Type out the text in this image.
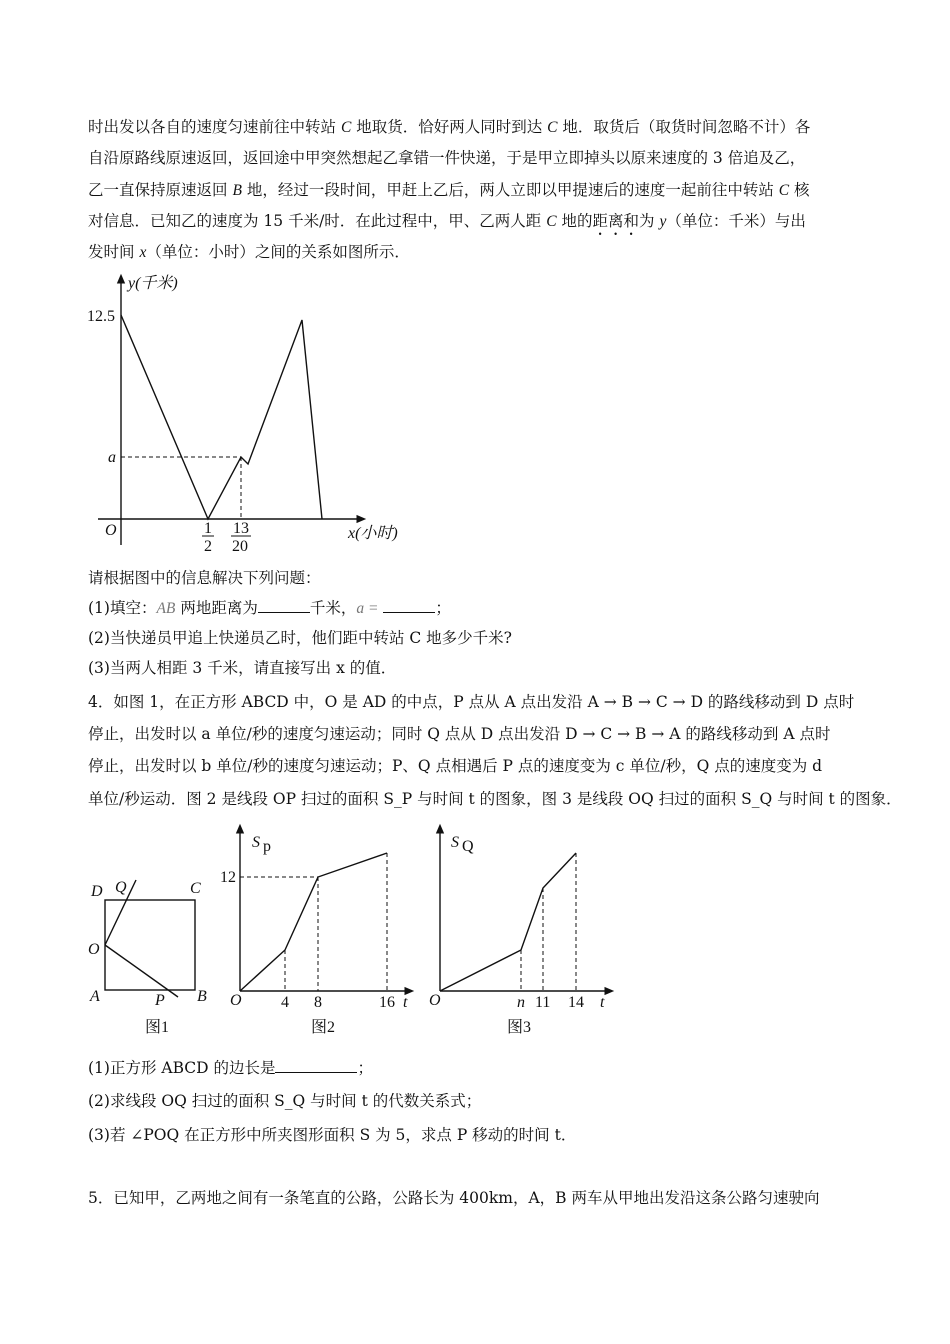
时出发以各自的速度匀速前往中转站 C 地取货．恰好两人同时到达 C 地．取货后（取货时间忽略不计）各
自沿原路线原速返回，返回途中甲突然想起乙拿错一件快递，于是甲立即掉头以原来速度的 3 倍追及乙，
乙一直保持原速返回 B 地，经过一段时间，甲赶上乙后，两人立即以甲提速后的速度一起前往中转站 C 核
对信息．已知乙的速度为 15 千米/时．在此过程中，甲、乙两人距 C 地的距离和为 y（单位：千米）与出
发时间 x（单位：小时）之间的关系如图所示．
y(千米)
12.5
a
O	1
2
13
20
x(小时)
D Q	C
O
A	P B
图1
S p
12
O 4 8	16 t
图2
S Q
O	n 11 14 t
图3
请根据图中的信息解决下列问题：
(1)填空：AB 两地距离为	千米，a =	；
(2)当快递员甲追上快递员乙时，他们距中转站 C 地多少千米?
(3)当两人相距 3 千米，请直接写出 x 的值．
4．如图 1，在正方形 ABCD 中，O 是 AD 的中点，P 点从 A 点出发沿 A → B → C → D 的路线移动到 D 点时
停止，出发时以 a 单位/秒的速度匀速运动；同时 Q 点从 D 点出发沿 D → C → B → A 的路线移动到 A 点时
停止，出发时以 b 单位/秒的速度匀速运动；P、Q 点相遇后 P 点的速度变为 c 单位/秒，Q 点的速度变为 d
单位/秒运动．图 2 是线段 OP 扫过的面积 S_P 与时间 t 的图象，图 3 是线段 OQ 扫过的面积 S_Q 与时间 t 的图象．
(1)正方形 ABCD 的边长是	；
(2)求线段 OQ 扫过的面积 S_Q 与时间 t 的代数关系式；
(3)若 ∠POQ 在正方形中所夹图形面积 S 为 5，求点 P 移动的时间 t．
5．已知甲，乙两地之间有一条笔直的公路，公路长为 400km，A，B 两车从甲地出发沿这条公路匀速驶向
